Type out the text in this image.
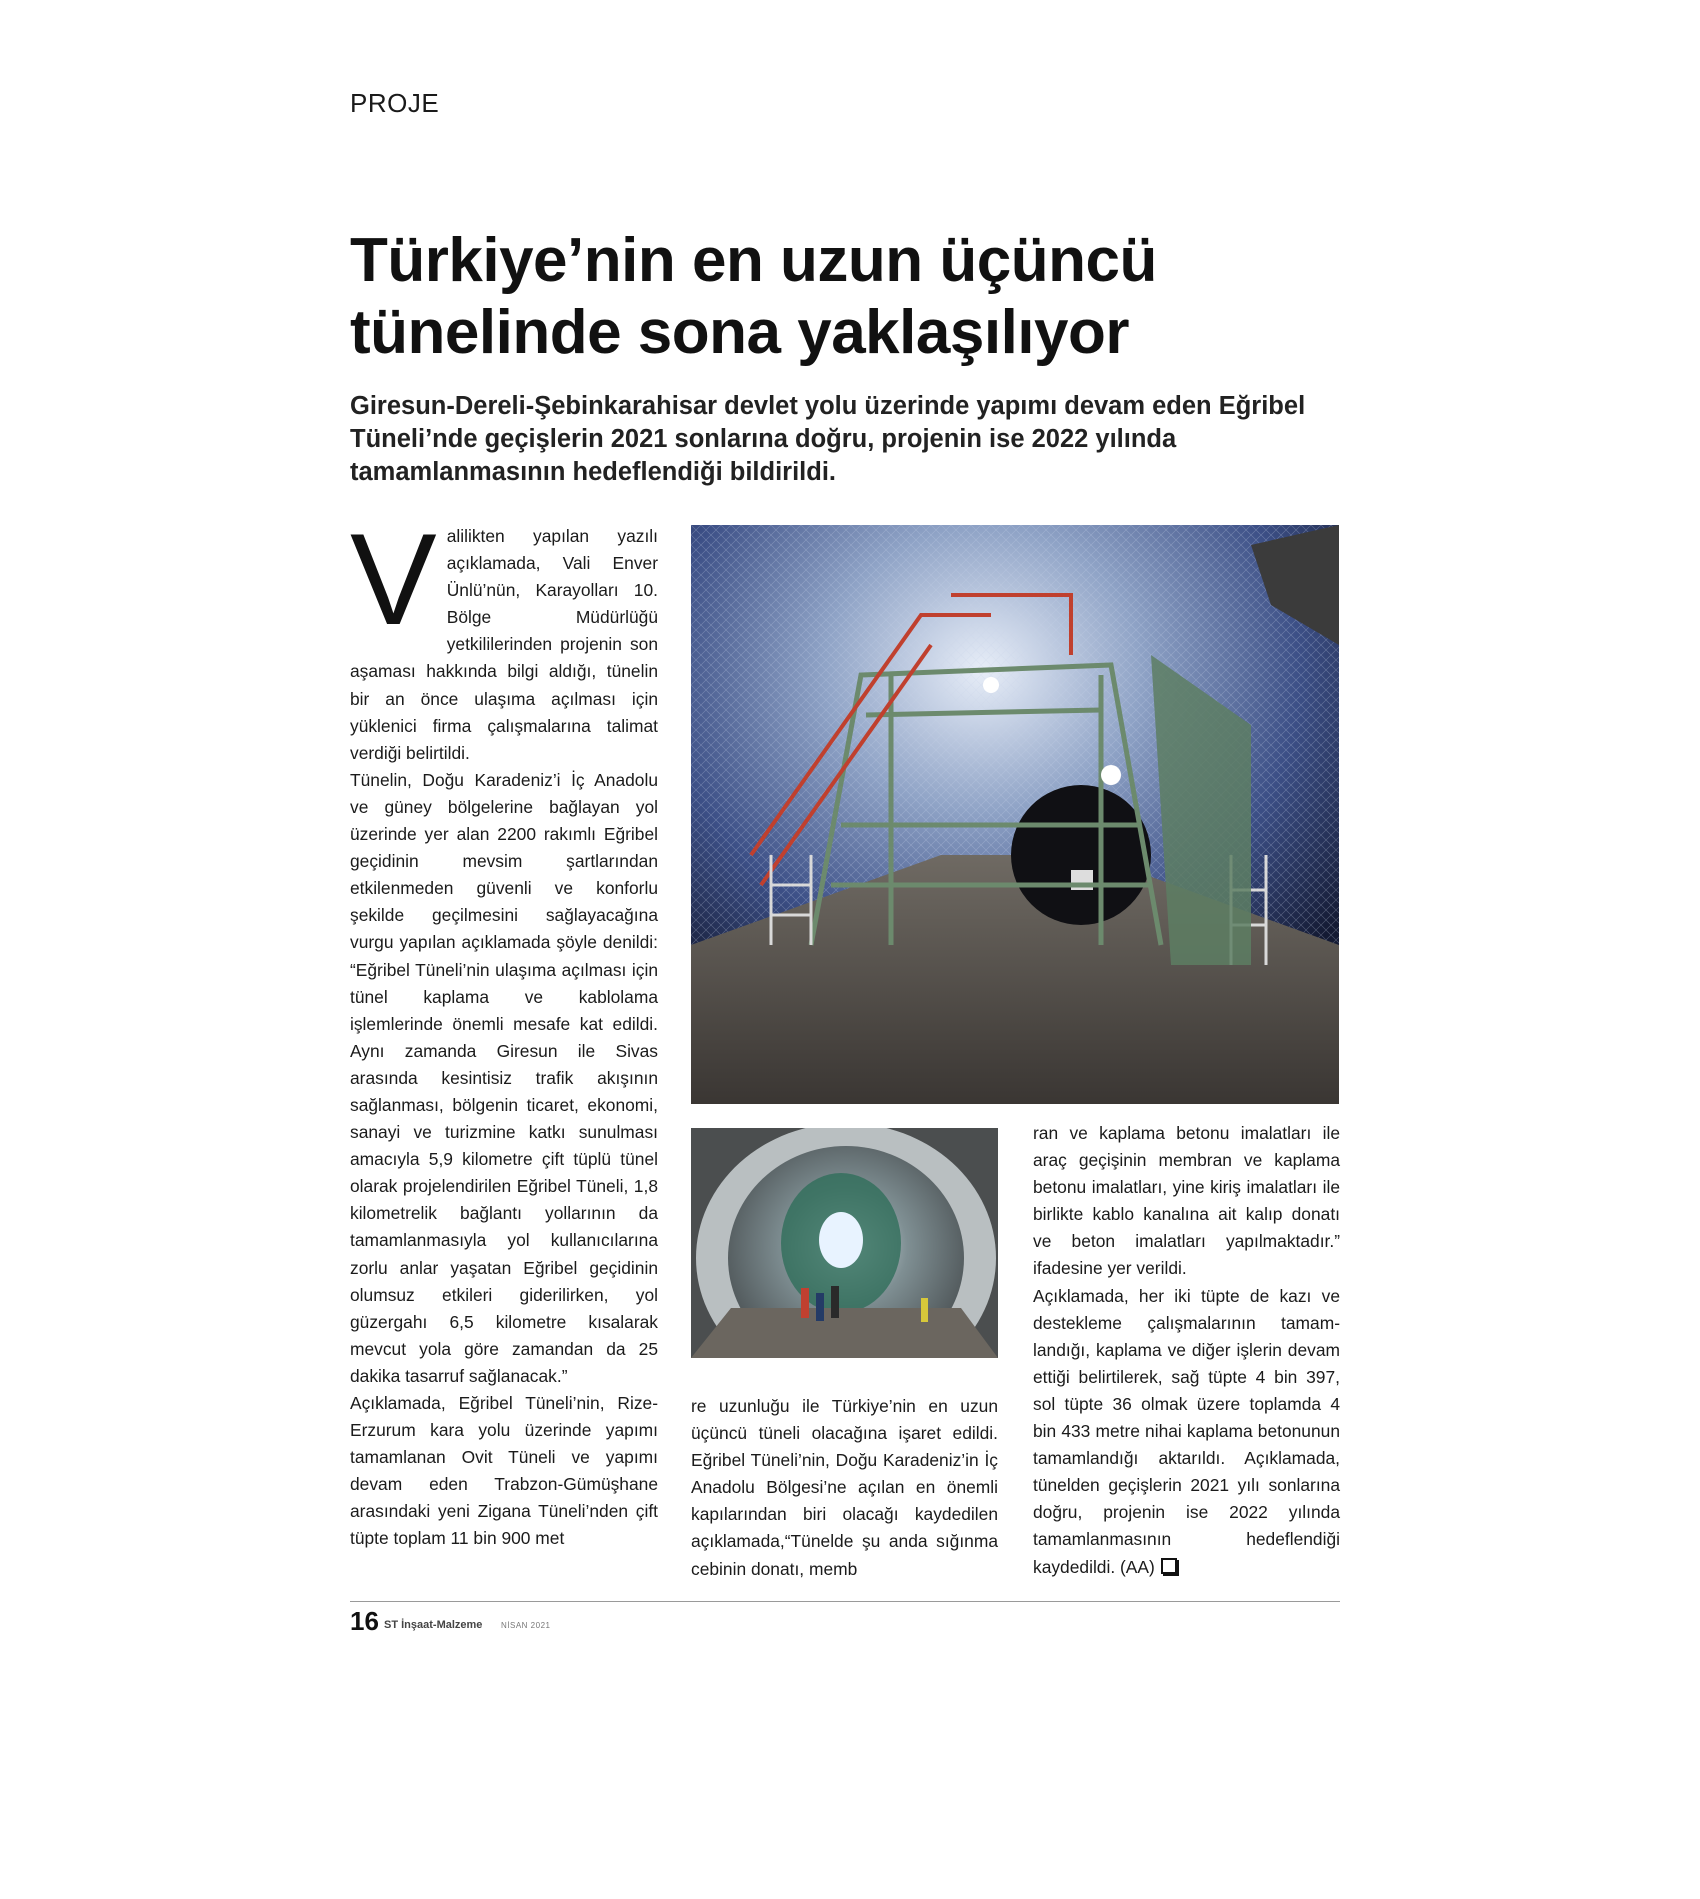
PROJE
Türkiye’nin en uzun üçüncü tünelinde sona yaklaşılıyor

Giresun-Dereli-Şebinkarahisar devlet yolu üzerinde yapımı devam eden Eğribel Tüneli’nde geçişlerin 2021 sonlarına doğru, projenin ise 2022 yılında tamamlanmasının hedeflendiği bildirildi.

V alilikten yapılan yazılı açıklamada, Vali Enver Ünlü’nün, Karayolları 10. Bölge Müdürlüğü yetkililerinden projenin son aşaması hakkında bilgi aldığı, tünelin bir an önce ulaşıma açılması için yüklenici firma çalışmalarına talimat verdiği belirtildi.

Tünelin, Doğu Karadeniz’i İç Anadolu ve güney bölgelerine bağlayan yol üzerinde yer alan 2200 rakımlı Eğribel geçidinin mevsim şartlarından etkilenmeden güvenli ve konforlu şekilde geçilmesini sağlayacağına vurgu yapılan açıklamada şöyle denildi: “Eğribel Tüneli’nin ulaşıma açılması için tünel kaplama ve kablolama işlemlerinde önemli mesafe kat edildi. Aynı zamanda Giresun ile Sivas arasında kesintisiz trafik akışının sağlanması, bölgenin ticaret, ekonomi, sanayi ve turizmine katkı sunulması amacıyla 5,9 kilometre çift tüplü tünel olarak projelendirilen Eğribel Tüneli, 1,8 kilometrelik bağlantı yollarının da tamamlanmasıyla yol kullanıcılarına zorlu anlar yaşatan Eğribel geçidinin olumsuz etkileri giderilirken, yol güzergahı 6,5 kilometre kısalarak mevcut yola göre zamandan da 25 dakika tasarruf sağlanacak.”

Açıklamada, Eğribel Tüneli’nin, Rize-Erzurum kara yolu üzerinde yapımı tamamlanan Ovit Tüneli ve yapımı devam eden Trabzon-Gümüşhane arasındaki yeni Zigana Tüneli’nden çift tüpte toplam 11 bin 900 met

re uzunluğu ile Türkiye’nin en uzun üçüncü tüneli olacağına işaret edildi. Eğribel Tüneli’nin, Doğu Karadeniz’in İç Anadolu Bölgesi’ne açılan en önemli kapılarından biri olacağı kaydedilen açıklamada,“Tünelde şu anda sığınma cebinin donatı, memb

ran ve kaplama betonu imalatları ile araç geçişinin membran ve kaplama betonu imalatları, yine kiriş imalatları ile birlikte kablo kanalına ait kalıp donatı ve beton imalatları yapılmaktadır.” ifadesine yer verildi.

Açıklamada, her iki tüpte de kazı ve destekleme çalışmalarının tamamlandığı, kaplama ve diğer işlerin devam ettiği belirtilerek, sağ tüpte 4 bin 397, sol tüpte 36 olmak üzere toplamda 4 bin 433 metre nihai kaplama betonunun tamamlandığı aktarıldı. Açıklamada, tünelden geçişlerin 2021 yılı sonlarına doğru, projenin ise 2022 yılında tamamlanmasının hedeflendiği kaydedildi. (AA)

16 ST İnşaat-Malzeme NİSAN 2021
